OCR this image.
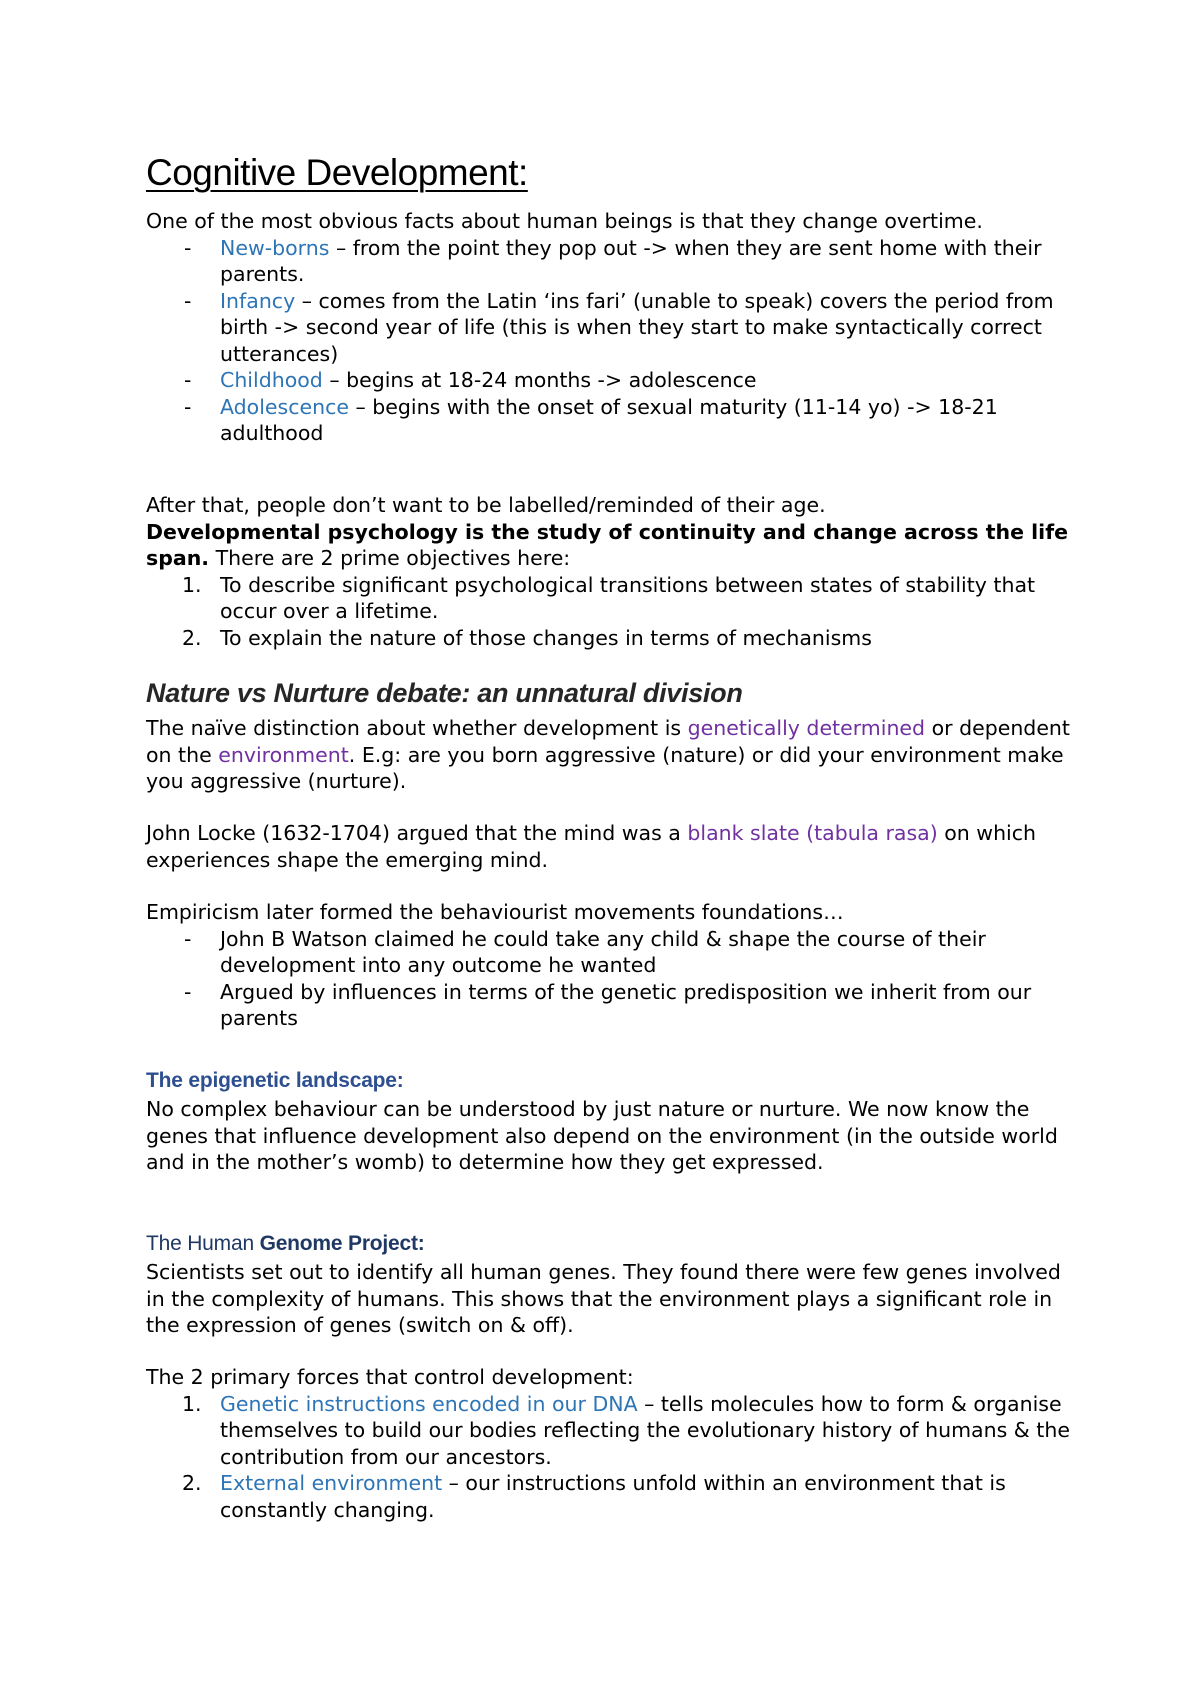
Cognitive Development:

One of the most obvious facts about human beings is that they change overtime.

- New-borns – from the point they pop out -> when they are sent home with their parents.
- Infancy – comes from the Latin ‘ins fari’ (unable to speak) covers the period from birth -> second year of life (this is when they start to make syntactically correct utterances)
- Childhood – begins at 18-24 months -> adolescence
- Adolescence – begins with the onset of sexual maturity (11-14 yo) -> 18-21 adulthood

After that, people don’t want to be labelled/reminded of their age.

Developmental psychology is the study of continuity and change across the life span. There are 2 prime objectives here:

1. To describe significant psychological transitions between states of stability that occur over a lifetime.
2. To explain the nature of those changes in terms of mechanisms
Nature vs Nurture debate: an unnatural division

The naïve distinction about whether development is genetically determined or dependent on the environment. E.g: are you born aggressive (nature) or did your environment make you aggressive (nurture).

John Locke (1632-1704) argued that the mind was a blank slate (tabula rasa) on which experiences shape the emerging mind.

Empiricism later formed the behaviourist movements foundations…

- John B Watson claimed he could take any child & shape the course of their development into any outcome he wanted
- Argued by influences in terms of the genetic predisposition we inherit from our parents
The epigenetic landscape:

No complex behaviour can be understood by just nature or nurture. We now know the genes that influence development also depend on the environment (in the outside world and in the mother’s womb) to determine how they get expressed.

The Human Genome Project:

Scientists set out to identify all human genes. They found there were few genes involved in the complexity of humans. This shows that the environment plays a significant role in the expression of genes (switch on & off).

The 2 primary forces that control development:

1. Genetic instructions encoded in our DNA – tells molecules how to form & organise themselves to build our bodies reflecting the evolutionary history of humans & the contribution from our ancestors.
2. External environment – our instructions unfold within an environment that is constantly changing.
